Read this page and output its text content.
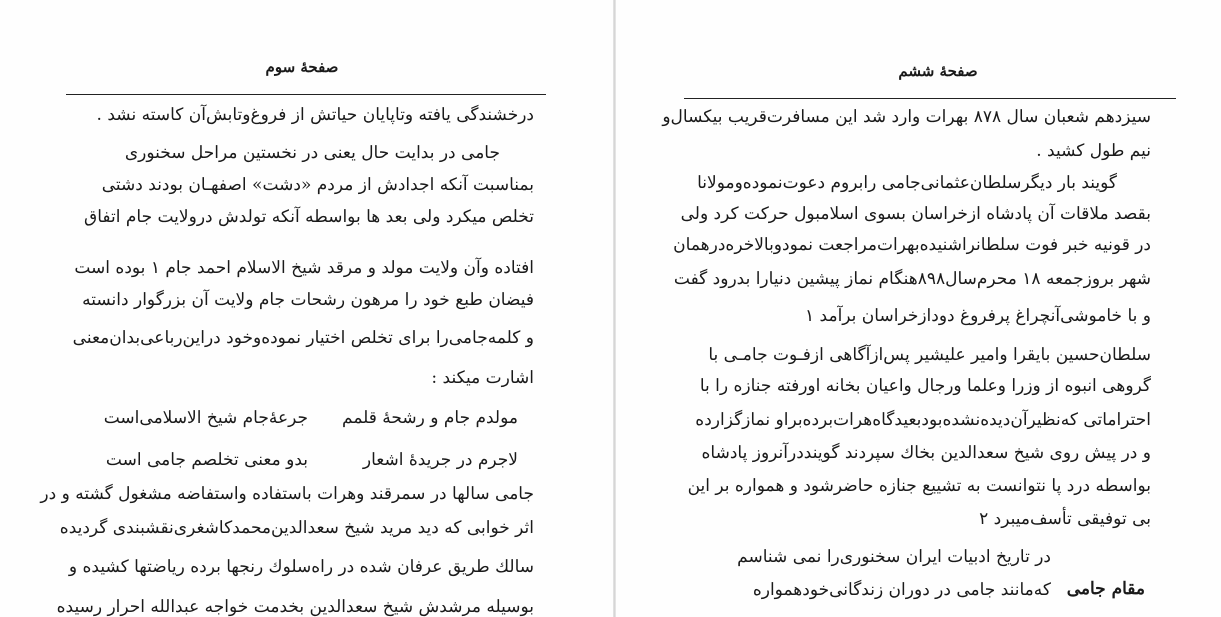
صفحۀ سوم

درخشندگی یافته وتاپایان حیاتش از فروغ‌وتابش‌آن کاسته نشد .

جامی در بدایت حال یعنی در نخستین مراحل سخنوری

بمناسبت آنکه اجدادش از مردم «دشت» اصفهـان بودند دشتی

تخلص میکرد ولی بعد ها بواسطه آنکه تولدش درولایت جام اتفاق

افتاده وآن ولایت مولد و مرقد شیخ الاسلام احمد جام ۱ بوده است

فیضان طبع خود را مرهون رشحات جام ولایت آن بزرگوار دانسته

و کلمه‌جامی‌را برای تخلص اختیار نموده‌وخود دراین‌رباعی‌بدان‌معنی

اشارت میکند :

مولدم جام و رشحهٔ قلمم

جرعهٔ‌جام شیخ الاسلامی‌است

لاجرم در جریدهٔ اشعار

بدو معنی تخلصم جامی است

جامی سالها در سمرقند وهرات باستفاده واستفاضه مشغول گشته و در

اثر خوابی که دید مرید شیخ سعدالدین‌محمد‌کاشغری‌نقشبندی گردیده

سالك طریق عرفان شده در راه‌سلوك رنجها برده ریاضتها کشیده و

بوسیله مرشدش شیخ سعدالدین بخدمت خواجه عبدالله احرار رسیده

صفحۀ ششم

سیزدهم شعبان سال ۸۷۸ بهرات وارد شد این مسافرت‌قریب بیکسال‌و

نیم طول کشید .

گویند بار دیگرسلطان‌عثمانی‌جامی رابروم دعوت‌نموده‌ومولانا

بقصد ملاقات آن پادشاه ازخراسان بسوی اسلامبول حرکت کرد ولی

در قونیه خبر فوت سلطانرا‌شنیده‌بهرات‌مراجعت نمودو‌بالاخره‌درهمان

شهر بروز‌جمعه ۱۸ محرم‌سال۸۹۸هنگام نماز پیشین دنیارا بدرود گفت

و با خاموشی‌آنچراغ پرفروغ دوداز‌خراسان برآمد ۱

سلطان‌حسین بایقرا وامیر علیشیر پس‌ازآگاهی ازفـوت جامـی با

گروهی انبوه از وزرا وعلما ورجال واعیان بخانه اورفته جنازه را با

احتراماتی که‌نظیر‌آن‌دیده‌نشده‌بودبعید‌گاه‌هرات‌برده‌براو نماز‌گزارده

و در پیش روی شیخ سعدالدین بخاك سپردند گویندد‌ر‌آنروز پادشاه

بواسطه درد پا نتوانست به تشییع جنازه حاضرشود و همواره بر این

بی توفیقی تأسف‌میبرد ۲

مقام جامی

در تاریخ ادبیات ایران سخنوری‌را نمی شناسم

که‌مانند جامی در دوران زندگانی‌خودهمواره
